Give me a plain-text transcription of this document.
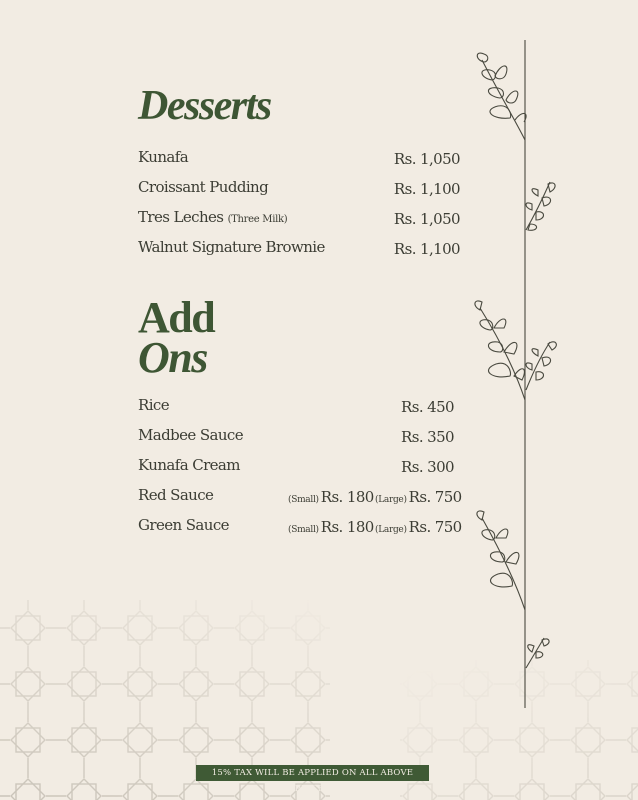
Desserts
Kunafa	Rs. 1,050
Croissant Pudding	Rs. 1,100
Tres Leches (Three Milk)	Rs. 1,050
Walnut Signature Brownie	Rs. 1,100
Add
Ons
Rice	Rs. 450
Madbee Sauce	Rs. 350
Kunafa Cream	Rs. 300
Red Sauce	(Small) Rs. 180 (Large) Rs. 750
Green Sauce	(Small) Rs. 180 (Large) Rs. 750
15% TAX WILL BE APPLIED ON ALL ABOVE PRICES
